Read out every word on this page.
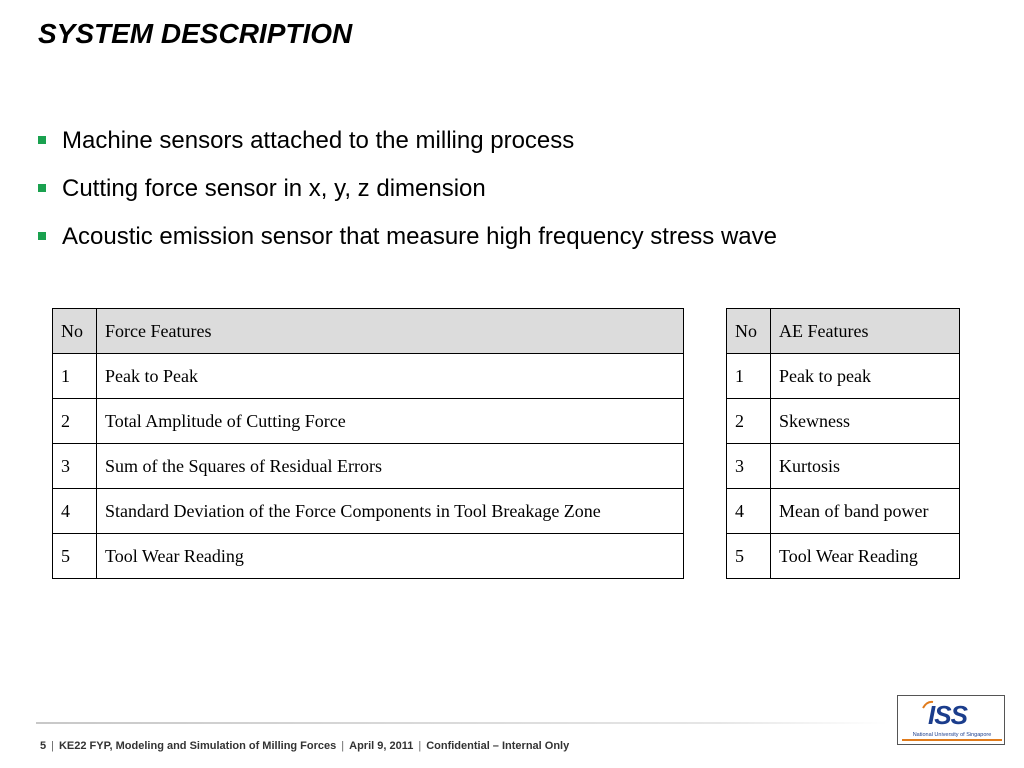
SYSTEM DESCRIPTION
Machine sensors attached to the milling process
Cutting force sensor in x, y, z dimension
Acoustic emission sensor that measure high frequency stress wave
No	Force Features
1	Peak to Peak
2	Total Amplitude of Cutting Force
3	Sum of the Squares of Residual Errors
4	Standard Deviation of the Force Components in Tool Breakage Zone
5	Tool Wear Reading
No	AE Features
1	Peak to peak
2	Skewness
3	Kurtosis
4	Mean of band power
5	Tool Wear Reading
5 | KE22 FYP, Modeling and Simulation of Milling Forces | April 9, 2011 | Confidential – Internal Only
ISS
National University of Singapore
